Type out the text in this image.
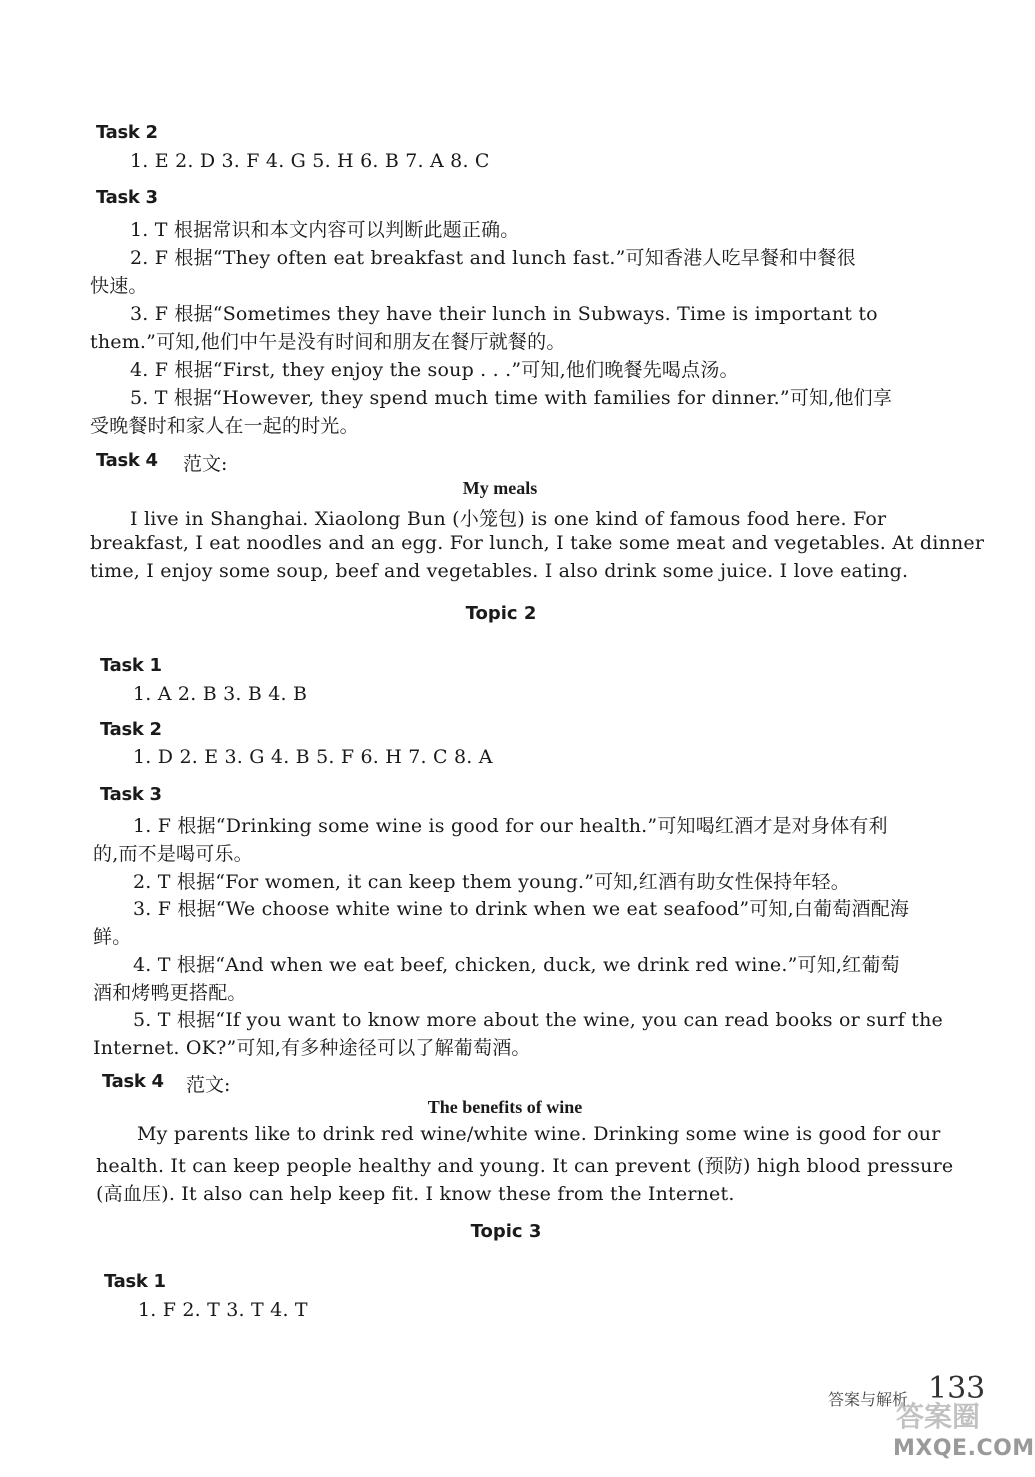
Task 2
1. E 2. D 3. F 4. G 5. H 6. B 7. A 8. C
Task 3
1. T 根据常识和本文内容可以判断此题正确。
2. F 根据“They often eat breakfast and lunch fast.”可知香港人吃早餐和中餐很
快速。
3. F 根据“Sometimes they have their lunch in Subways. Time is important to
them.”可知,他们中午是没有时间和朋友在餐厅就餐的。
4. F 根据“First, they enjoy the soup . . .”可知,他们晚餐先喝点汤。
5. T 根据“However, they spend much time with families for dinner.”可知,他们享
受晚餐时和家人在一起的时光。
Task 4 范文:
My meals
I live in Shanghai. Xiaolong Bun (小笼包) is one kind of famous food here. For
breakfast, I eat noodles and an egg. For lunch, I take some meat and vegetables. At dinner
time, I enjoy some soup, beef and vegetables. I also drink some juice. I love eating.
Topic 2
Task 1
1. A 2. B 3. B 4. B
Task 2
1. D 2. E 3. G 4. B 5. F 6. H 7. C 8. A
Task 3
1. F 根据“Drinking some wine is good for our health.”可知喝红酒才是对身体有利
的,而不是喝可乐。
2. T 根据“For women, it can keep them young.”可知,红酒有助女性保持年轻。
3. F 根据“We choose white wine to drink when we eat seafood”可知,白葡萄酒配海
鲜。
4. T 根据“And when we eat beef, chicken, duck, we drink red wine.”可知,红葡萄
酒和烤鸭更搭配。
5. T 根据“If you want to know more about the wine, you can read books or surf the
Internet. OK?”可知,有多种途径可以了解葡萄酒。
Task 4 范文:
The benefits of wine
My parents like to drink red wine/white wine. Drinking some wine is good for our
health. It can keep people healthy and young. It can prevent (预防) high blood pressure
(高血压). It also can help keep fit. I know these from the Internet.
Topic 3
Task 1
1. F 2. T 3. T 4. T
答案与解析 133
答案圈
MXQE.COM
